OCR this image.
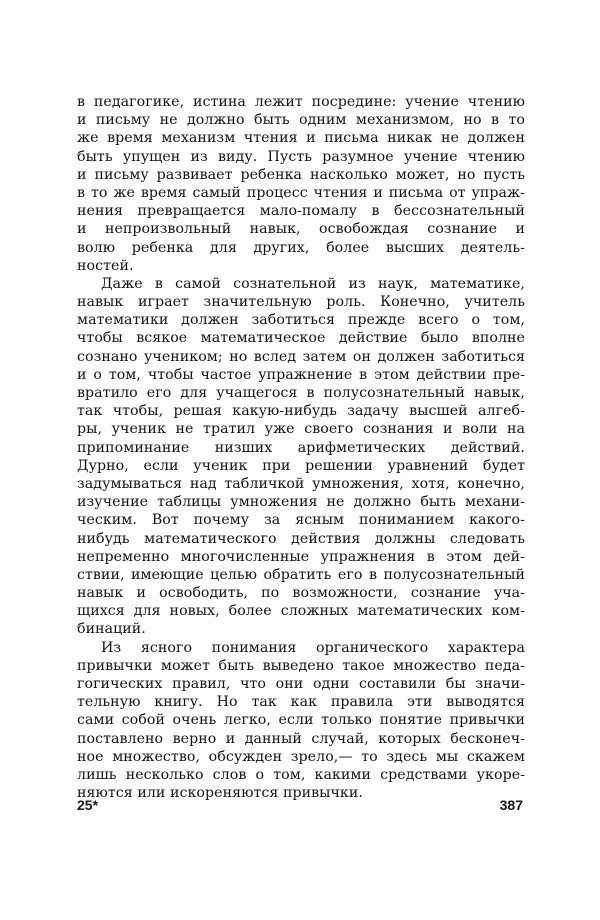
в педагогике, истина лежит посредине: учение чтению
и письму не должно быть одним механизмом, но в то
же время механизм чтения и письма никак не должен
быть упущен из виду. Пусть разумное учение чтению
и письму развивает ребенка насколько может, но пусть
в то же время самый процесс чтения и письма от упраж-
нения превращается мало-помалу в бессознательный
и непроизвольный навык, освобождая сознание и
волю ребенка для других, более высших деятель-
ностей.
Даже в самой сознательной из наук, математике,
навык играет значительную роль. Конечно, учитель
математики должен заботиться прежде всего о том,
чтобы всякое математическое действие было вполне
сознано учеником; но вслед затем он должен заботиться
и о том, чтобы частое упражнение в этом действии пре-
вратило его для учащегося в полусознательный навык,
так чтобы, решая какую-нибудь задачу высшей алгеб-
ры, ученик не тратил уже своего сознания и воли на
припоминание низших арифметических действий.
Дурно, если ученик при решении уравнений будет
задумываться над табличкой умножения, хотя, конечно,
изучение таблицы умножения не должно быть механи-
ческим. Вот почему за ясным пониманием какого-
нибудь математического действия должны следовать
непременно многочисленные упражнения в этом дей-
ствии, имеющие целью обратить его в полусознательный
навык и освободить, по возможности, сознание уча-
щихся для новых, более сложных математических ком-
бинаций.
Из ясного понимания органического характера
привычки может быть выведено такое множество педа-
гогических правил, что они одни составили бы значи-
тельную книгу. Но так как правила эти выводятся
сами собой очень легко, если только понятие привычки
поставлено верно и данный случай, которых бесконеч-
ное множество, обсужден зрело,— то здесь мы скажем
лишь несколько слов о том, какими средствами укоре-
няются или искореняются привычки.
25*	387
